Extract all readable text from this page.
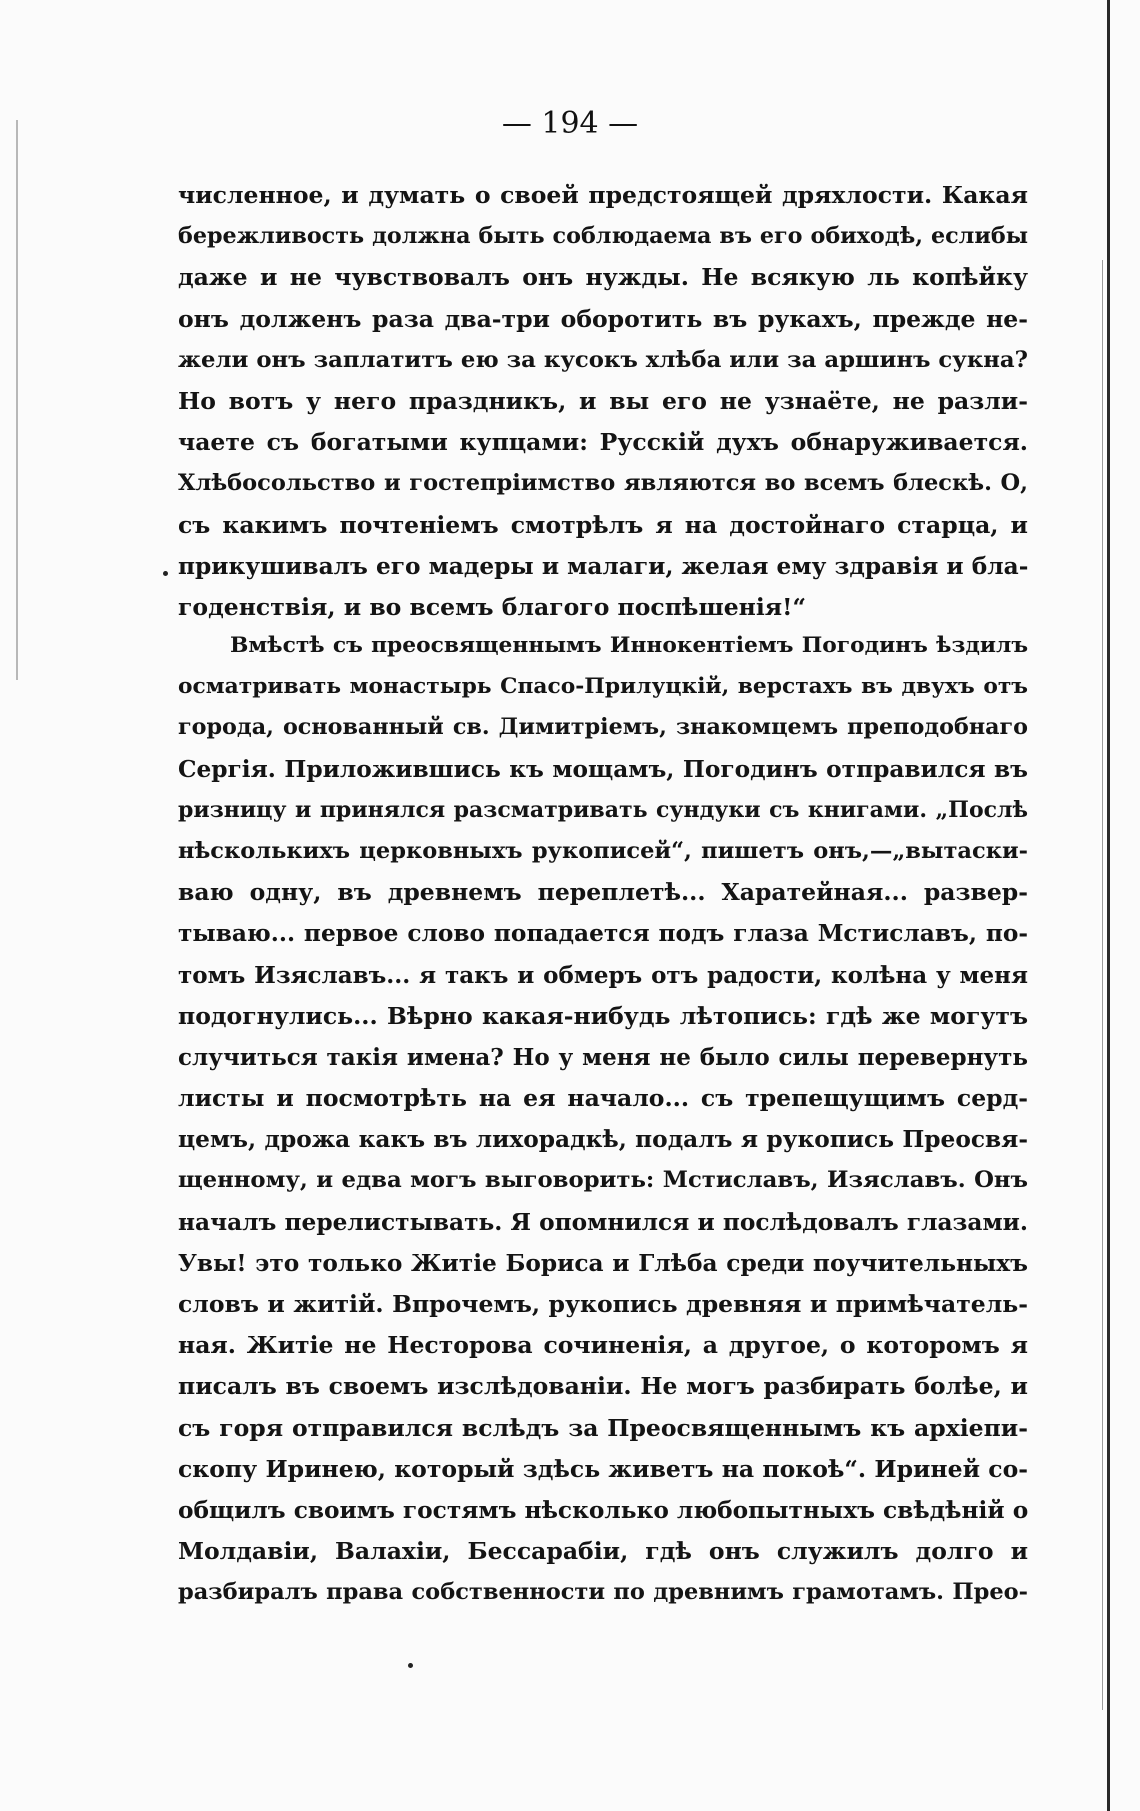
— 194 —
численное, и думать о своей предстоящей дряхлости. Какая
бережливость должна быть соблюдаема въ его обиходѣ, еслибы
даже и не чувствовалъ онъ нужды. Не всякую ль копѣйку
онъ долженъ раза два-три оборотить въ рукахъ, прежде не-
жели онъ заплатитъ ею за кусокъ хлѣба или за аршинъ сукна?
Но вотъ у него праздникъ, и вы его не узнаёте, не разли-
чаете съ богатыми купцами: Русскій духъ обнаруживается.
Хлѣбосольство и гостепріимство являются во всемъ блескѣ. О,
съ какимъ почтеніемъ смотрѣлъ я на достойнаго старца, и
прикушивалъ его мадеры и малаги, желая ему здравія и бла-
годенствія, и во всемъ благого поспѣшенія!“
Вмѣстѣ съ преосвященнымъ Иннокентіемъ Погодинъ ѣздилъ
осматривать монастырь Спасо-Прилуцкій, верстахъ въ двухъ отъ
города, основанный св. Димитріемъ, знакомцемъ преподобнаго
Сергія. Приложившись къ мощамъ, Погодинъ отправился въ
ризницу и принялся разсматривать сундуки съ книгами. „Послѣ
нѣсколькихъ церковныхъ рукописей“, пишетъ онъ,—„вытаски-
ваю одну, въ древнемъ переплетѣ... Харатейная... развер-
тываю... первое слово попадается подъ глаза Мстиславъ, по-
томъ Изяславъ... я такъ и обмеръ отъ радости, колѣна у меня
подогнулись... Вѣрно какая-нибудь лѣтопись: гдѣ же могутъ
случиться такія имена? Но у меня не было силы перевернуть
листы и посмотрѣть на ея начало... съ трепещущимъ серд-
цемъ, дрожа какъ въ лихорадкѣ, подалъ я рукопись Преосвя-
щенному, и едва могъ выговорить: Мстиславъ, Изяславъ. Онъ
началъ перелистывать. Я опомнился и послѣдовалъ глазами.
Увы! это только Житіе Бориса и Глѣба среди поучительныхъ
словъ и житій. Впрочемъ, рукопись древняя и примѣчатель-
ная. Житіе не Несторова сочиненія, а другое, о которомъ я
писалъ въ своемъ изслѣдованіи. Не могъ разбирать болѣе, и
съ горя отправился вслѣдъ за Преосвященнымъ къ архіепи-
скопу Иринею, который здѣсь живетъ на покоѣ“. Ириней со-
общилъ своимъ гостямъ нѣсколько любопытныхъ свѣдѣній о
Молдавіи, Валахіи, Бессарабіи, гдѣ онъ служилъ долго и
разбиралъ права собственности по древнимъ грамотамъ. Прео-
